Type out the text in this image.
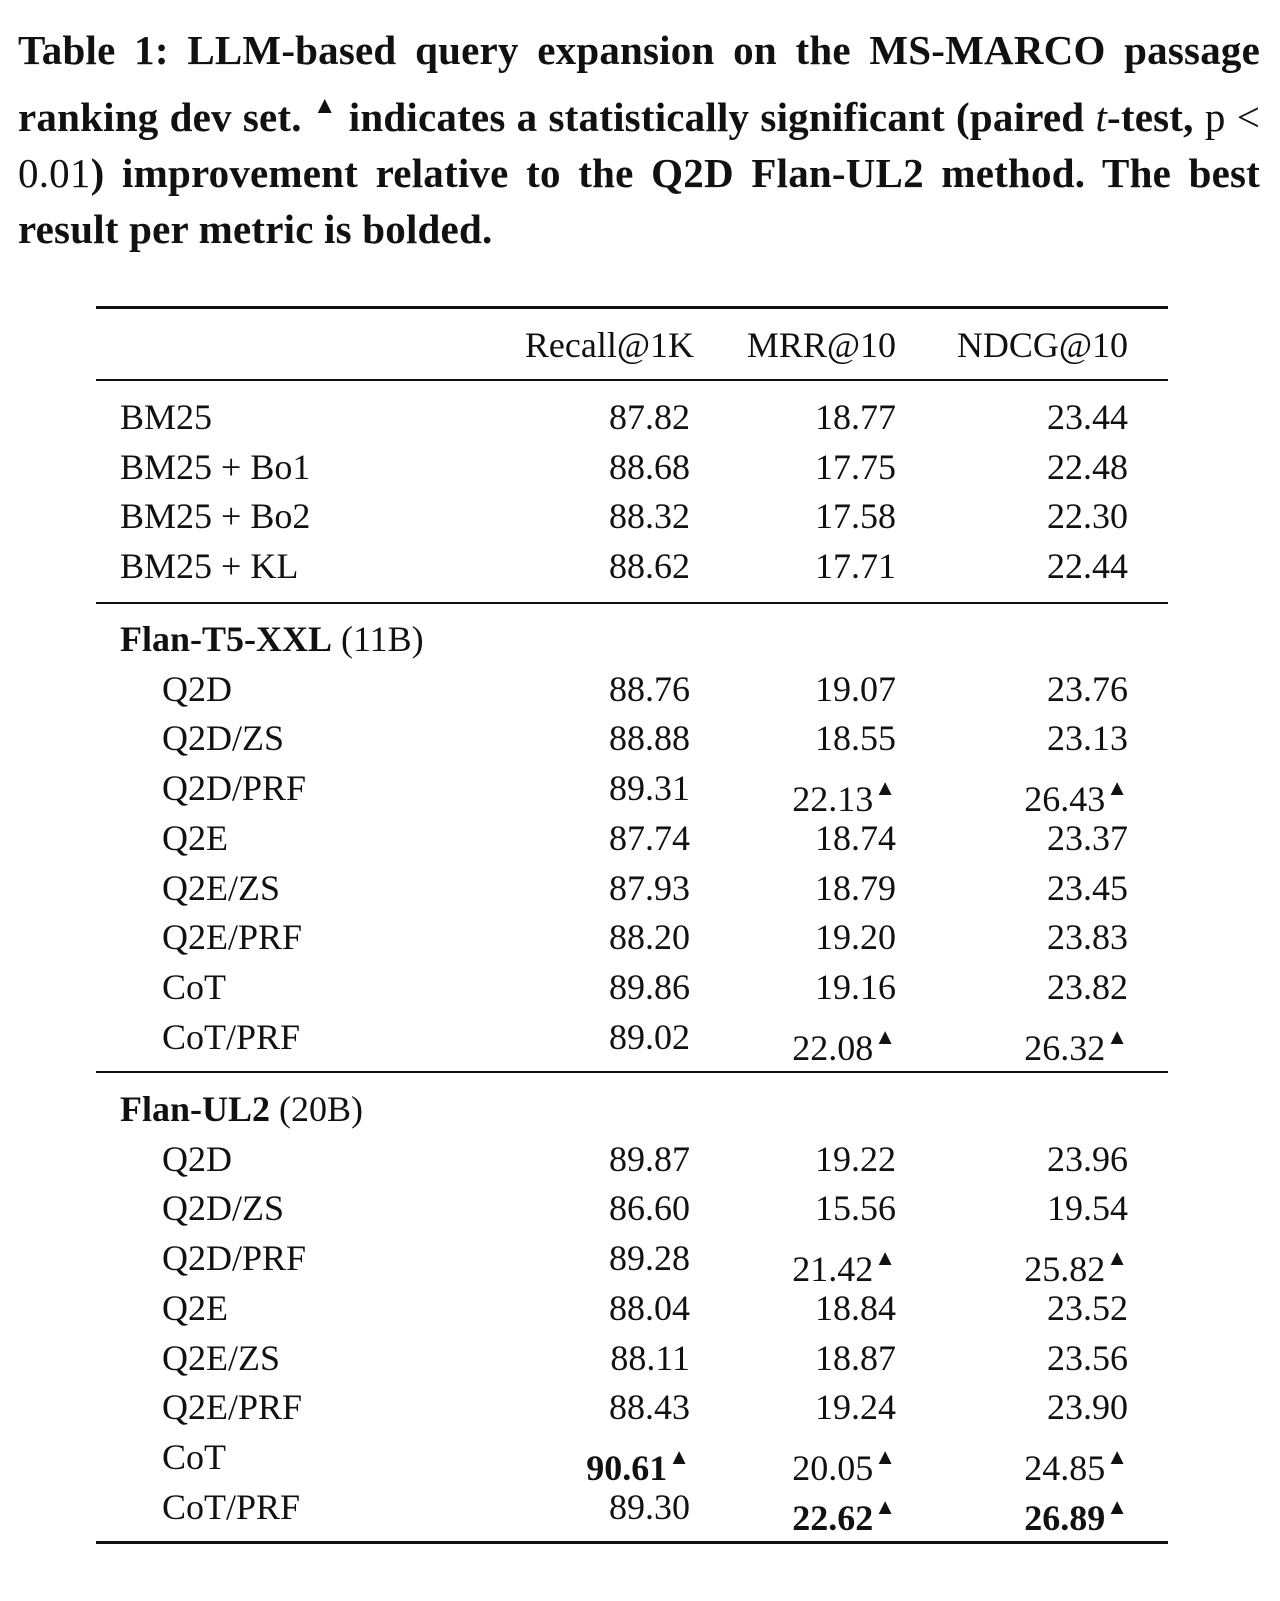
Table 1: LLM-based query expansion on the MS-MARCO passage ranking dev set. ▲ indicates a statistically significant (paired t-test, p < 0.01) improvement relative to the Q2D Flan-UL2 method. The best result per metric is bolded.
Recall@1K MRR@10 NDCG@10
BM25	87.82	18.77	23.44
BM25 + Bo1	88.68	17.75	22.48
BM25 + Bo2	88.32	17.58	22.30
BM25 + KL	88.62	17.71	22.44
Flan-T5-XXL (11B)
Q2D	88.76	19.07	23.76
Q2D/ZS	88.88	18.55	23.13
Q2D/PRF	89.31	22.13▲	26.43▲
Q2E	87.74	18.74	23.37
Q2E/ZS	87.93	18.79	23.45
Q2E/PRF	88.20	19.20	23.83
CoT	89.86	19.16	23.82
CoT/PRF	89.02	22.08▲	26.32▲
Flan-UL2 (20B)
Q2D	89.87	19.22	23.96
Q2D/ZS	86.60	15.56	19.54
Q2D/PRF	89.28	21.42▲	25.82▲
Q2E	88.04	18.84	23.52
Q2E/ZS	88.11	18.87	23.56
Q2E/PRF	88.43	19.24	23.90
CoT	90.61▲	20.05▲	24.85▲
CoT/PRF	89.30	22.62▲	26.89▲
